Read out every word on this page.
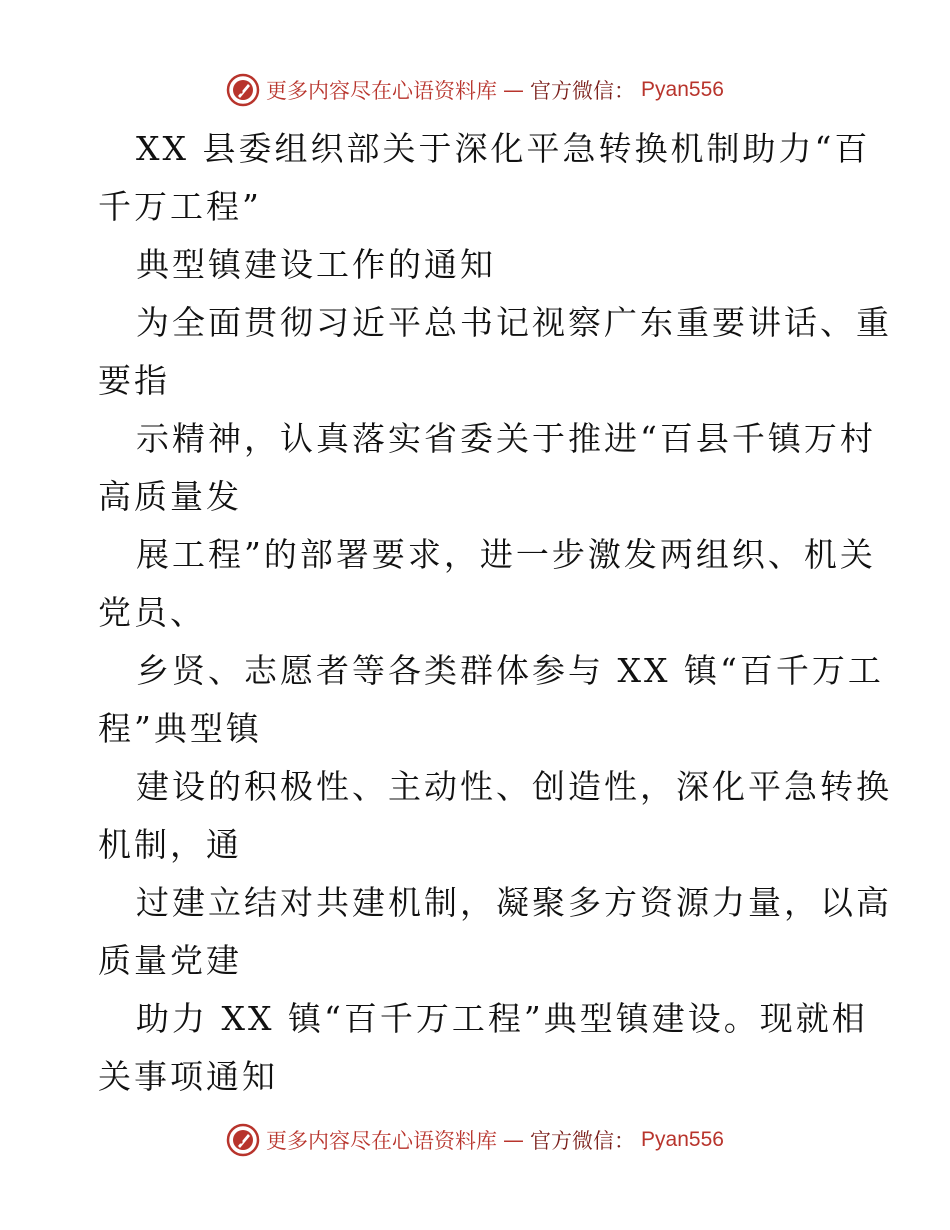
更多内容尽在心语资料库 — 官方微信： Pyan556
XX 县委组织部关于深化平急转换机制助力“百
千万工程”
典型镇建设工作的通知
为全面贯彻习近平总书记视察广东重要讲话、重
要指
示精神，认真落实省委关于推进“百县千镇万村
高质量发
展工程”的部署要求，进一步激发两组织、机关
党员、
乡贤、志愿者等各类群体参与 XX 镇“百千万工
程”典型镇
建设的积极性、主动性、创造性，深化平急转换
机制，通
过建立结对共建机制，凝聚多方资源力量，以高
质量党建
助力 XX 镇“百千万工程”典型镇建设。现就相
关事项通知
更多内容尽在心语资料库 — 官方微信： Pyan556
